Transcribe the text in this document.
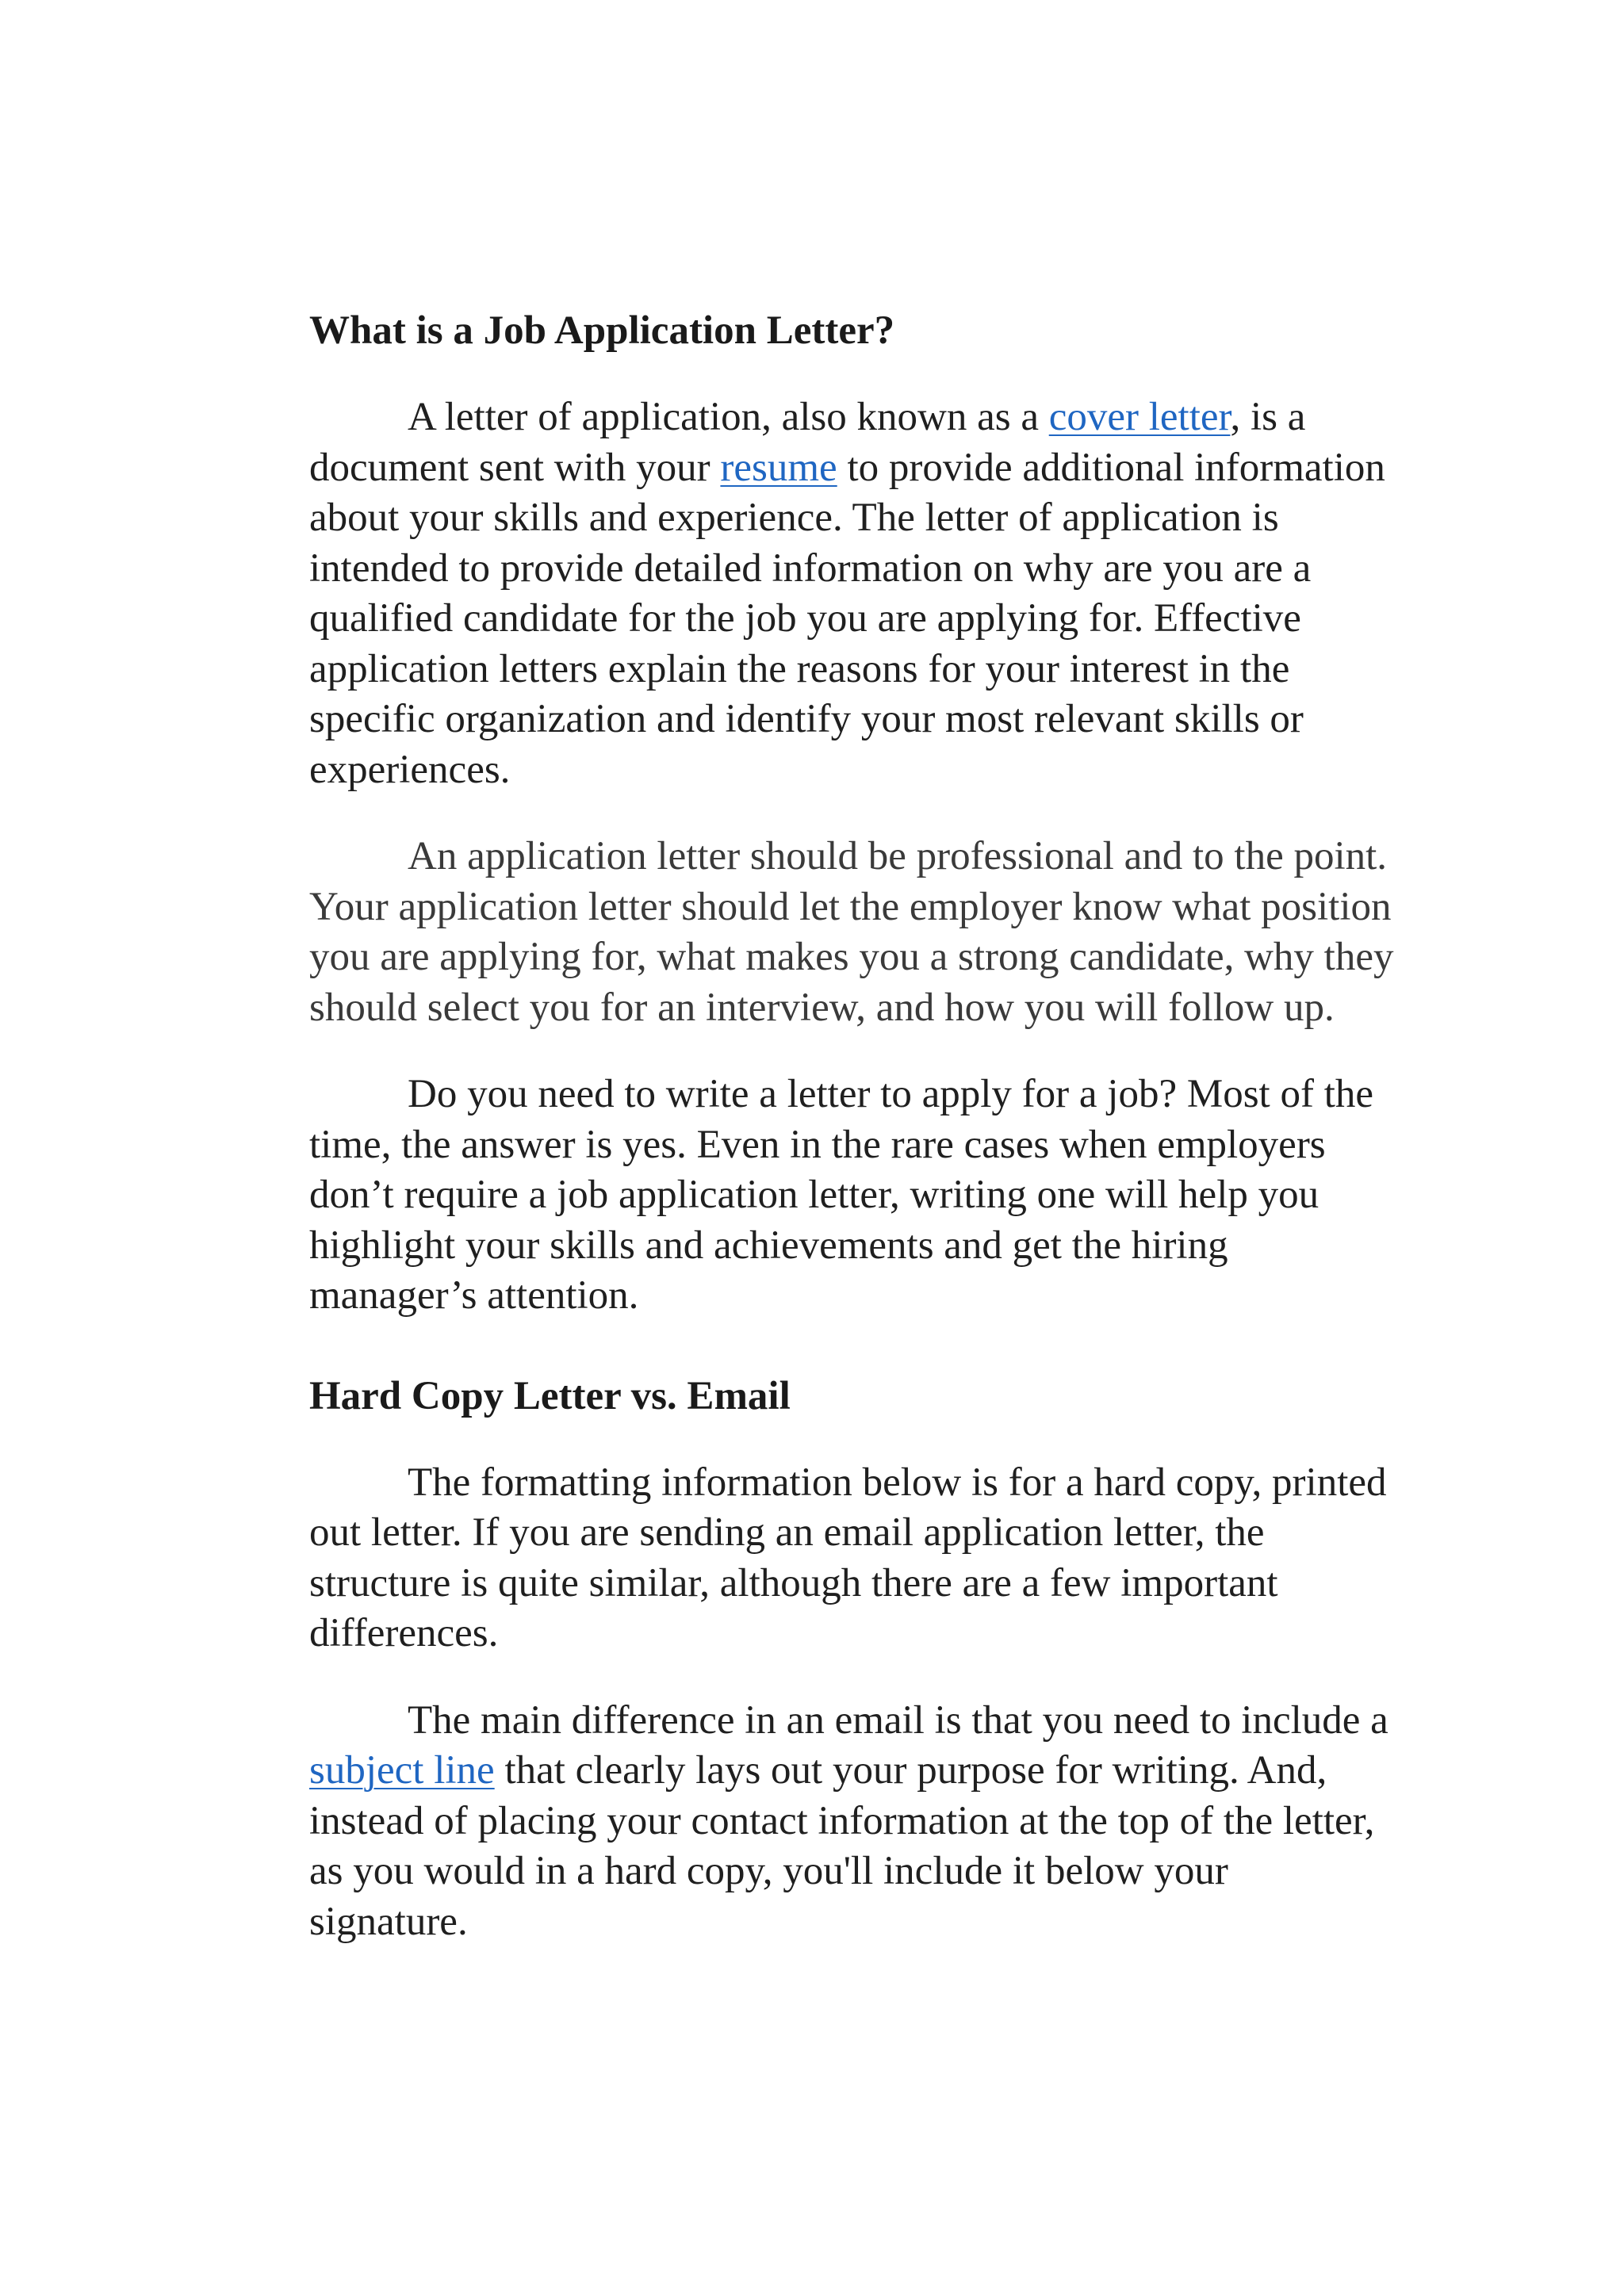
What is a Job Application Letter?

A letter of application, also known as a cover letter, is a document sent with your resume to provide additional information about your skills and experience. The letter of application is intended to provide detailed information on why are you are a qualified candidate for the job you are applying for. Effective application letters explain the reasons for your interest in the specific organization and identify your most relevant skills or experiences.

An application letter should be professional and to the point. Your application letter should let the employer know what position you are applying for, what makes you a strong candidate, why they should select you for an interview, and how you will follow up.

Do you need to write a letter to apply for a job? Most of the time, the answer is yes. Even in the rare cases when employers don’t require a job application letter, writing one will help you highlight your skills and achievements and get the hiring manager’s attention.

Hard Copy Letter vs. Email

The formatting information below is for a hard copy, printed out letter. If you are sending an email application letter, the structure is quite similar, although there are a few important differences.

The main difference in an email is that you need to include a subject line that clearly lays out your purpose for writing. And, instead of placing your contact information at the top of the letter, as you would in a hard copy, you'll include it below your signature.
